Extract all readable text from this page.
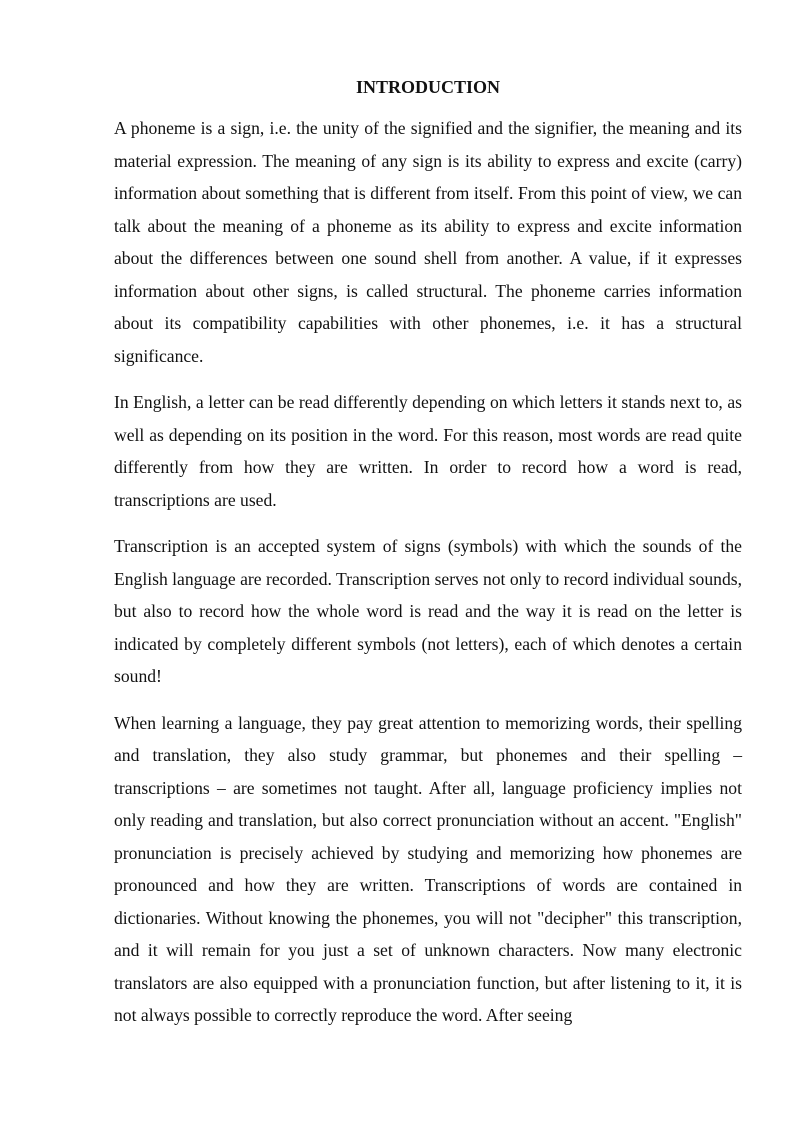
INTRODUCTION

A phoneme is a sign, i.e. the unity of the signified and the signifier, the meaning and its material expression. The meaning of any sign is its ability to express and excite (carry) information about something that is different from itself. From this point of view, we can talk about the meaning of a phoneme as its ability to express and excite information about the differences between one sound shell from another. A value, if it expresses information about other signs, is called structural. The phoneme carries information about its compatibility capabilities with other phonemes, i.e. it has a structural significance.

In English, a letter can be read differently depending on which letters it stands next to, as well as depending on its position in the word. For this reason, most words are read quite differently from how they are written. In order to record how a word is read, transcriptions are used.

Transcription is an accepted system of signs (symbols) with which the sounds of the English language are recorded. Transcription serves not only to record individual sounds, but also to record how the whole word is read and the way it is read on the letter is indicated by completely different symbols (not letters), each of which denotes a certain sound!

When learning a language, they pay great attention to memorizing words, their spelling and translation, they also study grammar, but phonemes and their spelling – transcriptions – are sometimes not taught. After all, language proficiency implies not only reading and translation, but also correct pronunciation without an accent. "English" pronunciation is precisely achieved by studying and memorizing how phonemes are pronounced and how they are written. Transcriptions of words are contained in dictionaries. Without knowing the phonemes, you will not "decipher" this transcription, and it will remain for you just a set of unknown characters. Now many electronic translators are also equipped with a pronunciation function, but after listening to it, it is not always possible to correctly reproduce the word. After seeing
